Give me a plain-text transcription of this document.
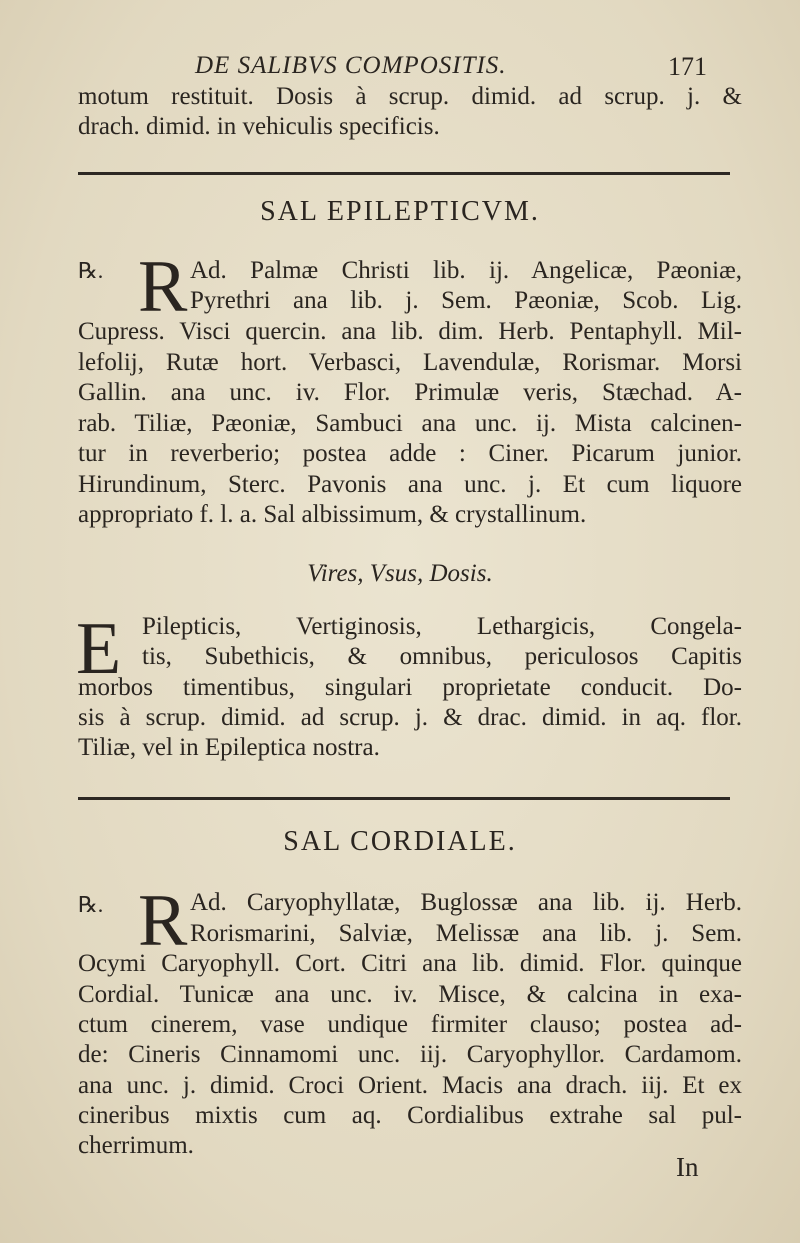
DE SALIBVS COMPOSITIS.	171
motum restituit. Dosis à scrup. dimid. ad scrup. j. &
drach. dimid. in vehiculis specificis.
SAL EPILEPTICVM.
℞. R Ad. Palmæ Christi lib. ij. Angelicæ, Pæoniæ,
Pyrethri ana lib. j. Sem. Pæoniæ, Scob. Lig.
Cupress. Visci quercin. ana lib. dim. Herb. Pentaphyll. Mil-
lefolij, Rutæ hort. Verbasci, Lavendulæ, Rorismar. Morsi
Gallin. ana unc. iv. Flor. Primulæ veris, Stæchad. A-
rab. Tiliæ, Pæoniæ, Sambuci ana unc. ij. Mista calcinen-
tur in reverberio; postea adde : Ciner. Picarum junior.
Hirundinum, Sterc. Pavonis ana unc. j. Et cum liquore
appropriato f. l. a. Sal albissimum, & crystallinum.
Vires, Vsus, Dosis.
E Pilepticis, Vertiginosis, Lethargicis, Congela-
tis, Subethicis, & omnibus, periculosos Capitis
morbos timentibus, singulari proprietate conducit. Do-
sis à scrup. dimid. ad scrup. j. & drac. dimid. in aq. flor.
Tiliæ, vel in Epileptica nostra.
SAL CORDIALE.
℞. R Ad. Caryophyllatæ, Buglossæ ana lib. ij. Herb.
Rorismarini, Salviæ, Melissæ ana lib. j. Sem.
Ocymi Caryophyll. Cort. Citri ana lib. dimid. Flor. quinque
Cordial. Tunicæ ana unc. iv. Misce, & calcina in exa-
ctum cinerem, vase undique firmiter clauso; postea ad-
de: Cineris Cinnamomi unc. iij. Caryophyllor. Cardamom.
ana unc. j. dimid. Croci Orient. Macis ana drach. iij. Et ex
cineribus mixtis cum aq. Cordialibus extrahe sal pul-
cherrimum.
In
